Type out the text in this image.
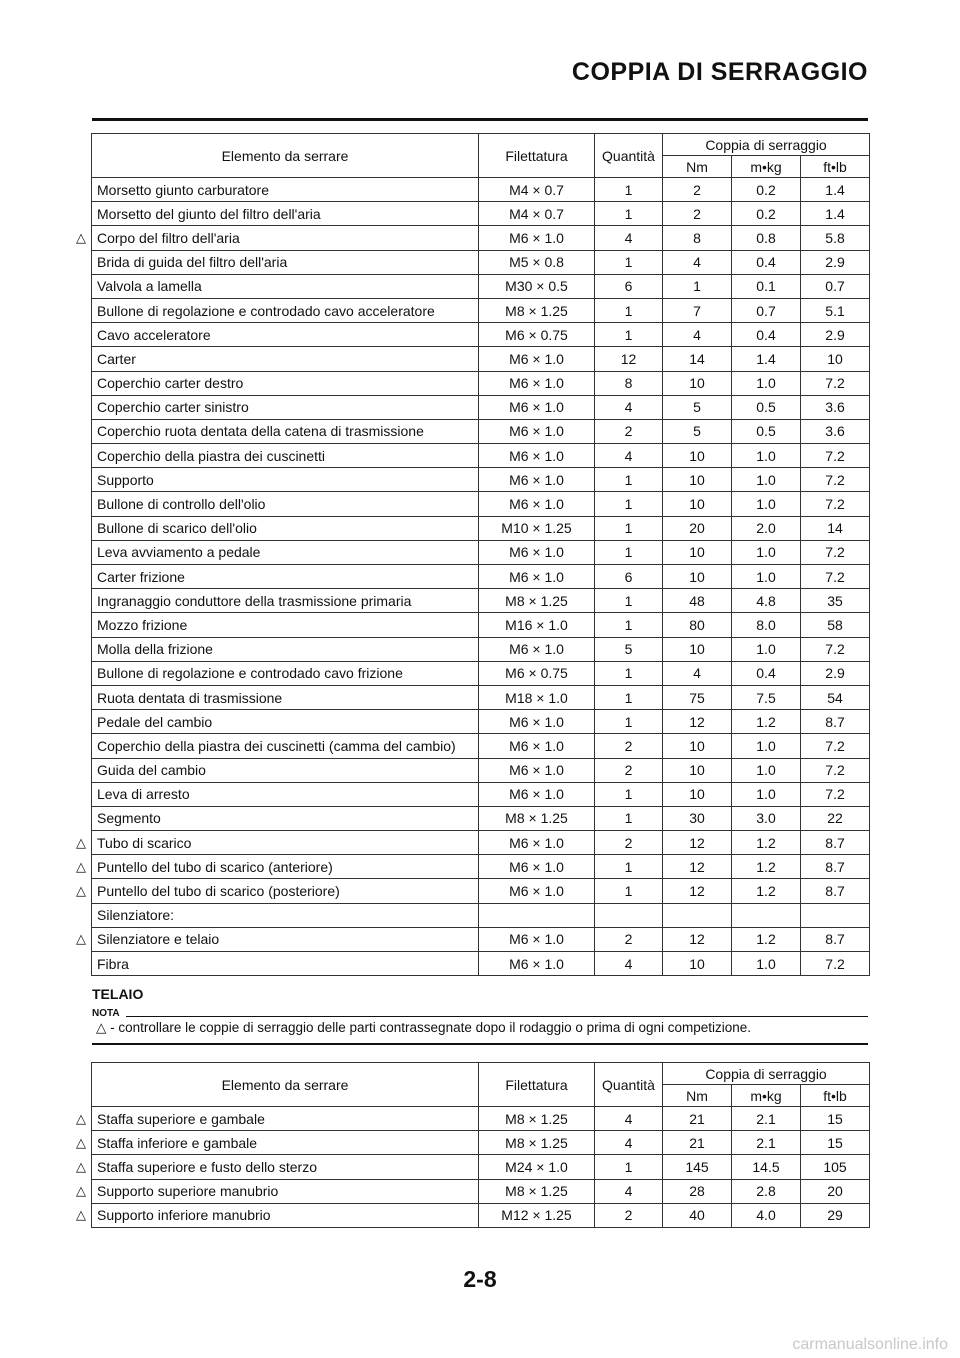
COPPIA DI SERRAGGIO
Elemento da serrare	Filettatura	Quantità	Coppia di serraggio		
			Nm	m•kg	ft•lb
Morsetto giunto carburatore	M4 × 0.7	1	2	0.2	1.4
Morsetto del giunto del filtro dell'aria	M4 × 0.7	1	2	0.2	1.4
Corpo del filtro dell'aria	M6 × 1.0	4	8	0.8	5.8
Brida di guida del filtro dell'aria	M5 × 0.8	1	4	0.4	2.9
Valvola a lamella	M30 × 0.5	6	1	0.1	0.7
Bullone di regolazione e controdado cavo acceleratore	M8 × 1.25	1	7	0.7	5.1
Cavo acceleratore	M6 × 0.75	1	4	0.4	2.9
Carter	M6 × 1.0	12	14	1.4	10
Coperchio carter destro	M6 × 1.0	8	10	1.0	7.2
Coperchio carter sinistro	M6 × 1.0	4	5	0.5	3.6
Coperchio ruota dentata della catena di trasmissione	M6 × 1.0	2	5	0.5	3.6
Coperchio della piastra dei cuscinetti	M6 × 1.0	4	10	1.0	7.2
Supporto	M6 × 1.0	1	10	1.0	7.2
Bullone di controllo dell'olio	M6 × 1.0	1	10	1.0	7.2
Bullone di scarico dell'olio	M10 × 1.25	1	20	2.0	14
Leva avviamento a pedale	M6 × 1.0	1	10	1.0	7.2
Carter frizione	M6 × 1.0	6	10	1.0	7.2
Ingranaggio conduttore della trasmissione primaria	M8 × 1.25	1	48	4.8	35
Mozzo frizione	M16 × 1.0	1	80	8.0	58
Molla della frizione	M6 × 1.0	5	10	1.0	7.2
Bullone di regolazione e controdado cavo frizione	M6 × 0.75	1	4	0.4	2.9
Ruota dentata di trasmissione	M18 × 1.0	1	75	7.5	54
Pedale del cambio	M6 × 1.0	1	12	1.2	8.7
Coperchio della piastra dei cuscinetti (camma del cambio)	M6 × 1.0	2	10	1.0	7.2
Guida del cambio	M6 × 1.0	2	10	1.0	7.2
Leva di arresto	M6 × 1.0	1	10	1.0	7.2
Segmento	M8 × 1.25	1	30	3.0	22
Tubo di scarico	M6 × 1.0	2	12	1.2	8.7
Puntello del tubo di scarico (anteriore)	M6 × 1.0	1	12	1.2	8.7
Puntello del tubo di scarico (posteriore)	M6 × 1.0	1	12	1.2	8.7
Silenziatore:					
Silenziatore e telaio	M6 × 1.0	2	12	1.2	8.7
Fibra	M6 × 1.0	4	10	1.0	7.2
TELAIO
NOTA
△ - controllare le coppie di serraggio delle parti contrassegnate dopo il rodaggio o prima di ogni competizione.
Elemento da serrare	Filettatura	Quantità	Coppia di serraggio		
			Nm	m•kg	ft•lb
Staffa superiore e gambale	M8 × 1.25	4	21	2.1	15
Staffa inferiore e gambale	M8 × 1.25	4	21	2.1	15
Staffa superiore e fusto dello sterzo	M24 × 1.0	1	145	14.5	105
Supporto superiore manubrio	M8 × 1.25	4	28	2.8	20
Supporto inferiore manubrio	M12 × 1.25	2	40	4.0	29
2-8
carmanualsonline.info
△
△
△
△
△
△
△
△
△
△
